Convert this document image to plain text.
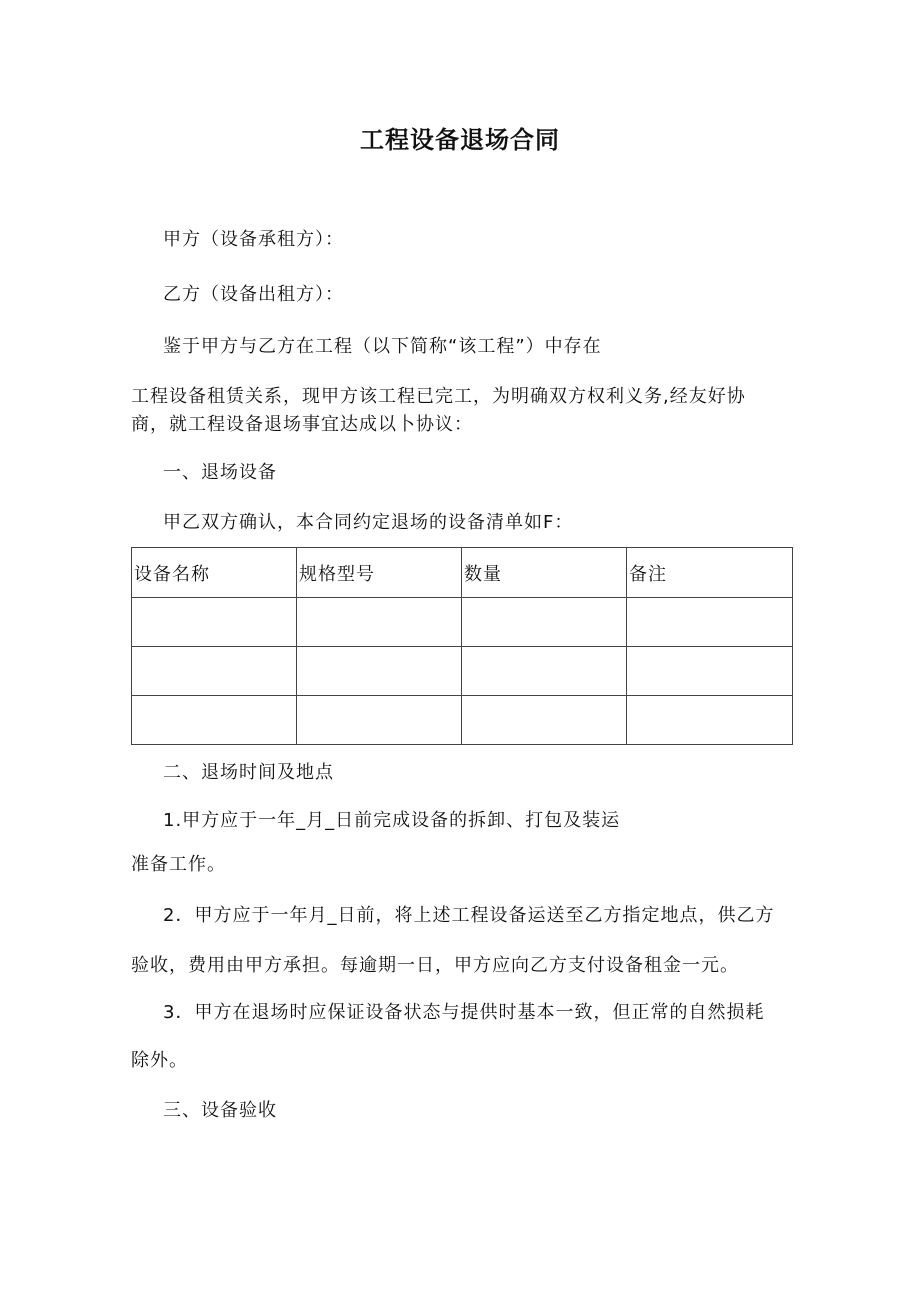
工程设备退场合同
甲方（设备承租方）：
乙方（设备出租方）：
鉴于甲方与乙方在工程（以下简称“该工程”）中存在
工程设备租赁关系，现甲方该工程已完工，为明确双方权利义务,经友好协
商，就工程设备退场事宜达成以卜协议：
一、退场设备
甲乙双方确认，本合同约定退场的设备清单如F：
设备名称	规格型号	数量	备注

二、退场时间及地点
1.甲方应于一年_月_日前完成设备的拆卸、打包及装运
准备工作。
2．甲方应于一年月_日前，将上述工程设备运送至乙方指定地点，供乙方
验收，费用由甲方承担。每逾期一日，甲方应向乙方支付设备租金一元。
3．甲方在退场时应保证设备状态与提供时基本一致，但正常的自然损耗
除外。
三、设备验收
